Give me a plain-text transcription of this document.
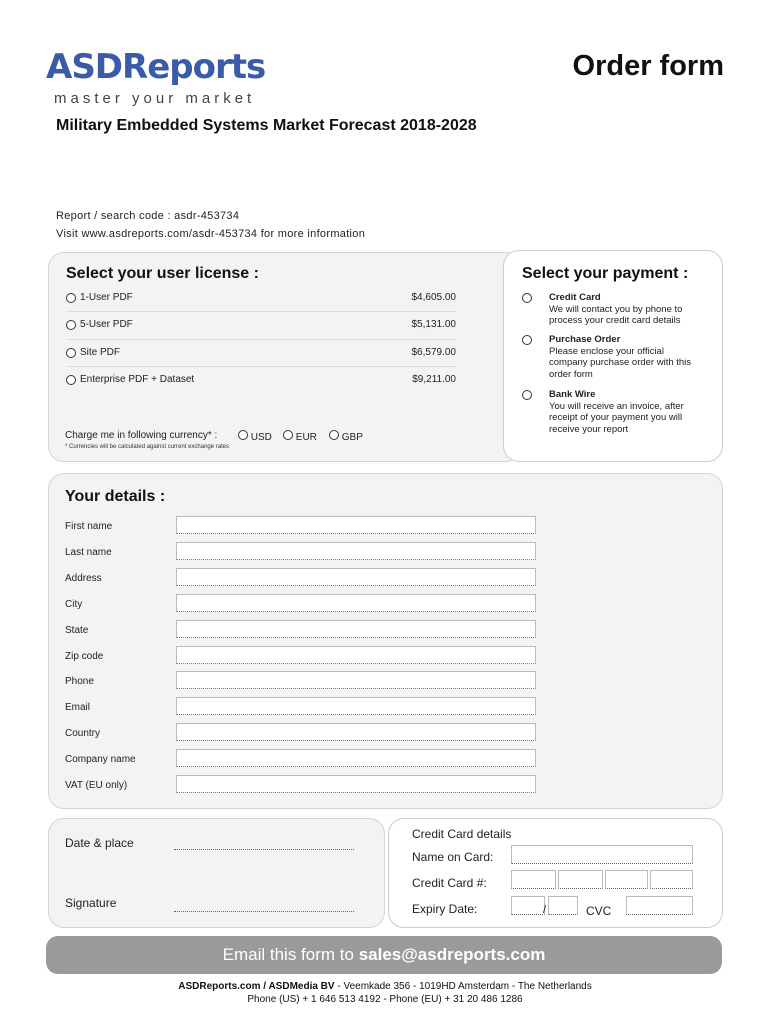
ASDReports
master your market
Order form
Military Embedded Systems Market Forecast 2018-2028
Report / search code : asdr-453734
Visit www.asdreports.com/asdr-453734 for more information
Select your user license :
1-User PDF	$4,605.00
5-User PDF	$5,131.00
Site PDF	$6,579.00
Enterprise PDF + Dataset	$9,211.00
Charge me in following currency* :	USD	EUR	GBP
* Currencies will be calculated against current exchange rates
Select your payment :
Credit Card
We will contact you by phone to process your credit card details
Purchase Order
Please enclose your official company purchase order with this order form
Bank Wire
You will receive an invoice, after receipt of your payment you will receive your report
Your details :
First name
Last name
Address
City
State
Zip code
Phone
Email
Country
Company name
VAT (EU only)
Date & place
Signature
Credit Card details
Name on Card:
Credit Card #:
Expiry Date:	/	CVC
Email this form to sales@asdreports.com
ASDReports.com / ASDMedia BV - Veemkade 356 - 1019HD Amsterdam - The Netherlands
Phone (US) + 1 646 513 4192 - Phone (EU) + 31 20 486 1286
